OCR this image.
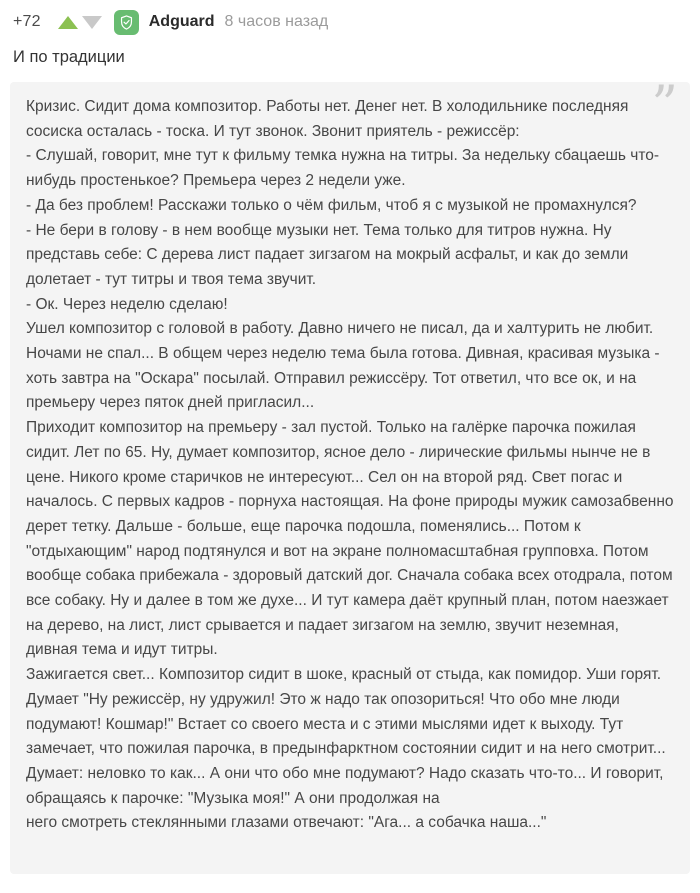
+72	Adguard 8 часов назад
И по традиции
”
Кризис. Сидит дома композитор. Работы нет. Денег нет. В холодильнике последняя сосиска осталась - тоска. И тут звонок. Звонит приятель - режиссёр:
- Слушай, говорит, мне тут к фильму темка нужна на титры. За недельку сбацаешь что-нибудь простенькое? Премьера через 2 недели уже.
- Да без проблем! Расскажи только о чём фильм, чтоб я с музыкой не промахнулся?
- Не бери в голову - в нем вообще музыки нет. Тема только для титров нужна. Ну представь себе: С дерева лист падает зигзагом на мокрый асфальт, и как до земли долетает - тут титры и твоя тема звучит.
- Ок. Через неделю сделаю!
Ушел композитор с головой в работу. Давно ничего не писал, да и халтурить не любит. Ночами не спал... В общем через неделю тема была готова. Дивная, красивая музыка - хоть завтра на "Оскара" посылай. Отправил режиссёру. Тот ответил, что все ок, и на премьеру через пяток дней пригласил...
Приходит композитор на премьеру - зал пустой. Только на галёрке парочка пожилая сидит. Лет по 65. Ну, думает композитор, ясное дело - лирические фильмы нынче не в цене. Никого кроме старичков не интересуют... Сел он на второй ряд. Свет погас и началось. С первых кадров - порнуха настоящая. На фоне природы мужик самозабвенно дерет тетку. Дальше - больше, еще парочка подошла, поменялись... Потом к "отдыхающим" народ подтянулся и вот на экране полномасштабная групповха. Потом вообще собака прибежала - здоровый датский дог. Сначала собака всех отодрала, потом все собаку. Ну и далее в том же духе... И тут камера даёт крупный план, потом наезжает на дерево, на лист, лист срывается и падает зигзагом на землю, звучит неземная, дивная тема и идут титры.
Зажигается свет... Композитор сидит в шоке, красный от стыда, как помидор. Уши горят. Думает "Ну режиссёр, ну удружил! Это ж надо так опозориться! Что обо мне люди подумают! Кошмар!" Встает со своего места и с этими мыслями идет к выходу. Тут замечает, что пожилая парочка, в предынфарктном состоянии сидит и на него смотрит... Думает: неловко то как... А они что обо мне подумают? Надо сказать что-то... И говорит, обращаясь к парочке: "Музыка моя!" А они продолжая на
него смотреть стеклянными глазами отвечают: "Ага... а собачка наша..."
